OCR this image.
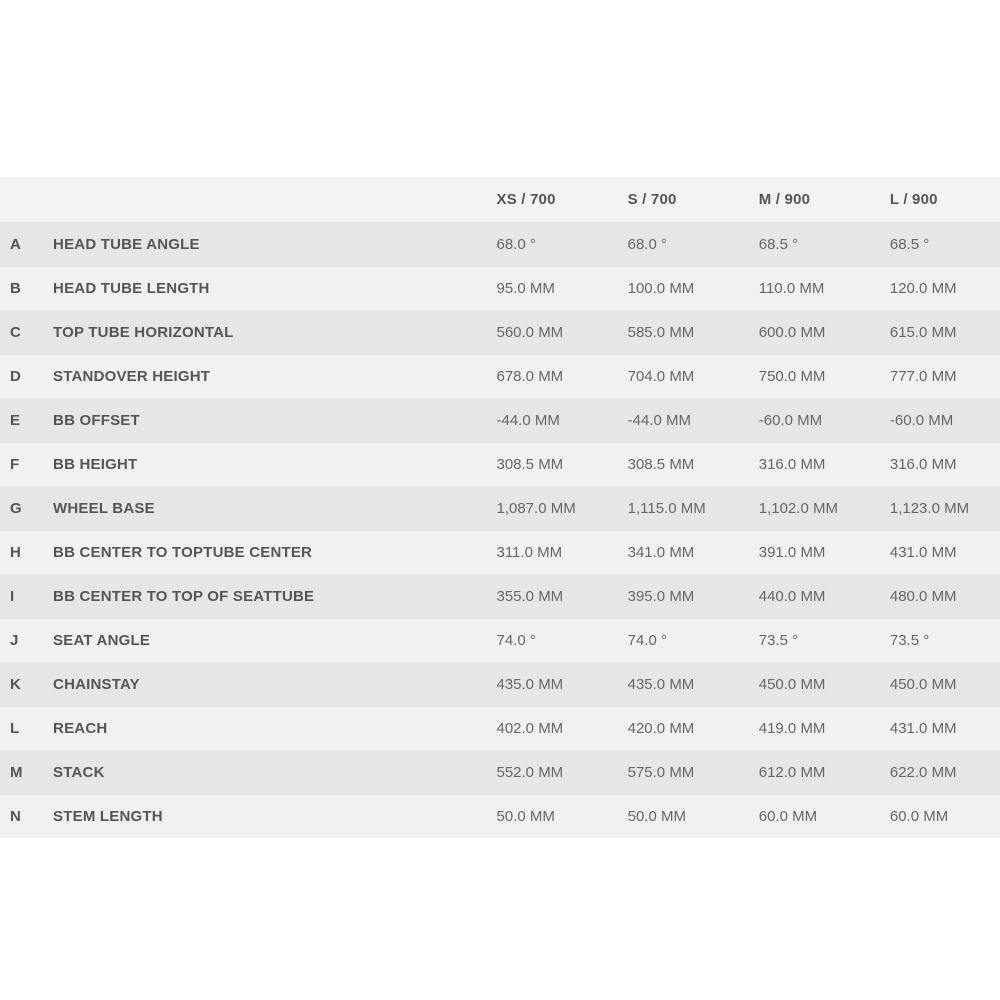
		XS / 700	S / 700	M / 900	L / 900
A	HEAD TUBE ANGLE	68.0 °	68.0 °	68.5 °	68.5 °
B	HEAD TUBE LENGTH	95.0 MM	100.0 MM	110.0 MM	120.0 MM
C	TOP TUBE HORIZONTAL	560.0 MM	585.0 MM	600.0 MM	615.0 MM
D	STANDOVER HEIGHT	678.0 MM	704.0 MM	750.0 MM	777.0 MM
E	BB OFFSET	-44.0 MM	-44.0 MM	-60.0 MM	-60.0 MM
F	BB HEIGHT	308.5 MM	308.5 MM	316.0 MM	316.0 MM
G	WHEEL BASE	1,087.0 MM	1,115.0 MM	1,102.0 MM	1,123.0 MM
H	BB CENTER TO TOPTUBE CENTER	311.0 MM	341.0 MM	391.0 MM	431.0 MM
I	BB CENTER TO TOP OF SEATTUBE	355.0 MM	395.0 MM	440.0 MM	480.0 MM
J	SEAT ANGLE	74.0 °	74.0 °	73.5 °	73.5 °
K	CHAINSTAY	435.0 MM	435.0 MM	450.0 MM	450.0 MM
L	REACH	402.0 MM	420.0 MM	419.0 MM	431.0 MM
M	STACK	552.0 MM	575.0 MM	612.0 MM	622.0 MM
N	STEM LENGTH	50.0 MM	50.0 MM	60.0 MM	60.0 MM
